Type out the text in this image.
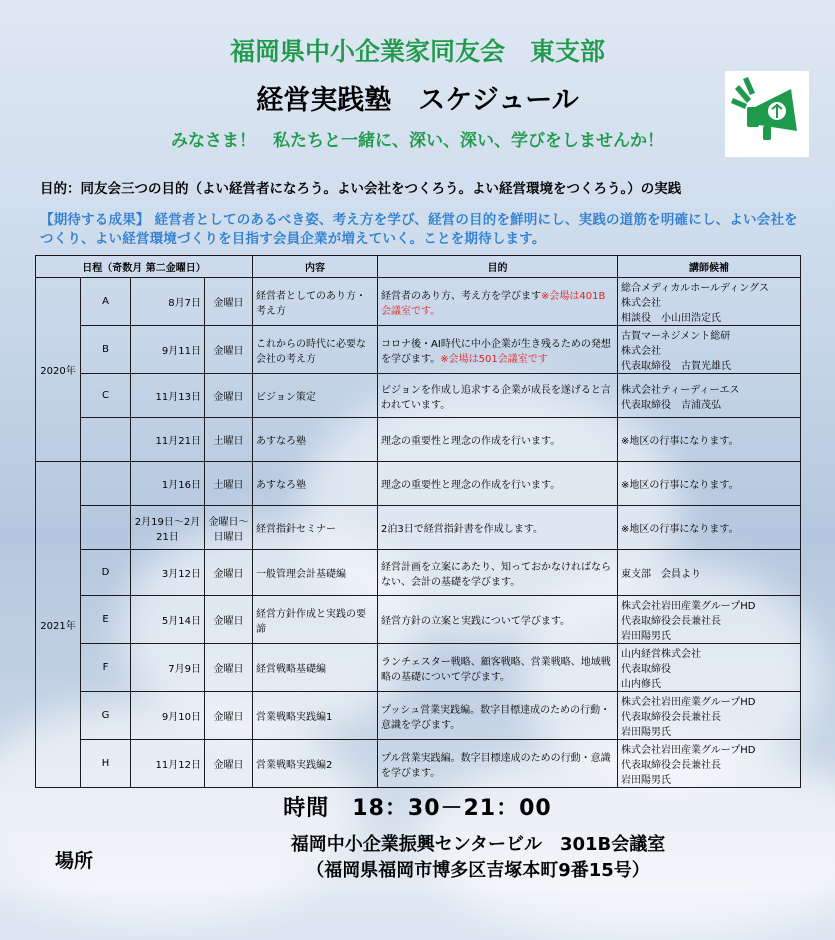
福岡県中小企業家同友会　東支部
経営実践塾　スケジュール
みなさま！　私たちと一緒に、深い、深い、学びをしませんか！
目的：同友会三つの目的（よい経営者になろう。よい会社をつくろう。よい経営環境をつくろう。）の実践
【期待する成果】 経営者としてのあるべき姿、考え方を学び、経営の目的を鮮明にし、実践の道筋を明確にし、よい会社をつくり、よい経営環境づくりを目指す会員企業が増えていく。ことを期待します。
日程（奇数月 第二金曜日）				内容	目的	講師候補
2020年	A	8月7日	金曜日	経営者としてのあり方・考え方	経営者のあり方、考え方を学びます※会場は401B会議室です。	総合メディカルホールディングス
株式会社
相談役　小山田浩定氏

	B	9月11日	金曜日	これからの時代に必要な会社の考え方	コロナ後・AI時代に中小企業が生き残るための発想を学びます。※会場は501会議室です	古賀マーネジメント総研
株式会社
代表取締役　古賀光雄氏

	C	11月13日	金曜日	ビジョン策定	ビジョンを作成し追求する企業が成長を遂げると言われています。	株式会社ティーディーエス
代表取締役　吉浦茂弘

		11月21日	土曜日	あすなろ塾	理念の重要性と理念の作成を行います。	※地区の行事になります。

2021年		1月16日	土曜日	あすなろ塾	理念の重要性と理念の作成を行います。	※地区の行事になります。

		2月19日～2月21日	金曜日～日曜日	経営指針セミナー	2泊3日で経営指針書を作成します。	※地区の行事になります。

	D	3月12日	金曜日	一般管理会計基礎編	経営計画を立案にあたり、知っておかなければならない、会計の基礎を学びます。	東支部　会員より

	E	5月14日	金曜日	経営方針作成と実践の要諦	経営方針の立案と実践について学びます。	株式会社岩田産業グループHD
代表取締役会長兼社長
岩田陽男氏

	F	7月9日	金曜日	経営戦略基礎編	ランチェスター戦略、顧客戦略、営業戦略、地域戦略の基礎について学びます。	山内経営株式会社
代表取締役
山内修氏

	G	9月10日	金曜日	営業戦略実践編1	プッシュ営業実践編。数字目標達成のための行動・意識を学びます。	株式会社岩田産業グループHD
代表取締役会長兼社長
岩田陽男氏

	H	11月12日	金曜日	営業戦略実践編2	プル営業実践編。数字目標達成のための行動・意識を学びます。	株式会社岩田産業グループHD
代表取締役会長兼社長
岩田陽男氏
時間　18：30－21：00
場所
福岡中小企業振興センタービル　301B会議室
（福岡県福岡市博多区吉塚本町9番15号）
